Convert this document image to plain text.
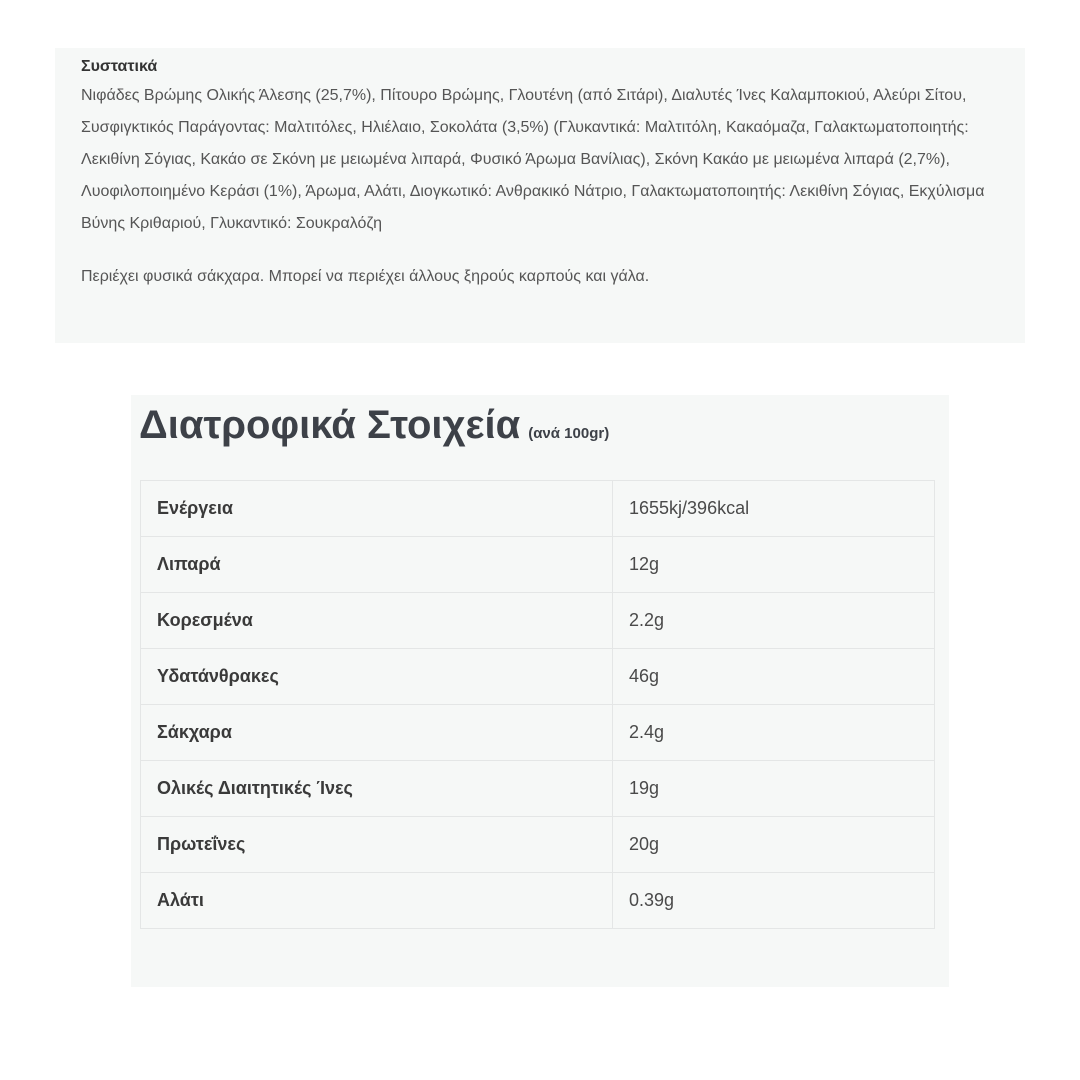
Συστατικά

Νιφάδες Βρώμης Ολικής Άλεσης (25,7%), Πίτουρο Βρώμης, Γλουτένη (από Σιτάρι), Διαλυτές Ίνες Καλαμποκιού, Αλεύρι Σίτου, Συσφιγκτικός Παράγοντας: Μαλτιτόλες, Ηλιέλαιο, Σοκολάτα (3,5%) (Γλυκαντικά: Μαλτιτόλη, Κακαόμαζα, Γαλακτωματοποιητής: Λεκιθίνη Σόγιας, Κακάο σε Σκόνη με μειωμένα λιπαρά, Φυσικό Άρωμα Βανίλιας), Σκόνη Κακάο με μειωμένα λιπαρά (2,7%), Λυοφιλοποιημένο Κεράσι (1%), Άρωμα, Αλάτι, Διογκωτικό: Ανθρακικό Νάτριο, Γαλακτωματοποιητής: Λεκιθίνη Σόγιας, Εκχύλισμα Βύνης Κριθαριού, Γλυκαντικό: Σουκραλόζη

Περιέχει φυσικά σάκχαρα. Μπορεί να περιέχει άλλους ξηρούς καρπούς και γάλα.

Διατροφικά Στοιχεία (ανά 100gr)
Ενέργεια	1655kj/396kcal
Λιπαρά	12g
Κορεσμένα	2.2g
Υδατάνθρακες	46g
Σάκχαρα	2.4g
Ολικές Διαιτητικές Ίνες	19g
Πρωτεΐνες	20g
Αλάτι	0.39g
